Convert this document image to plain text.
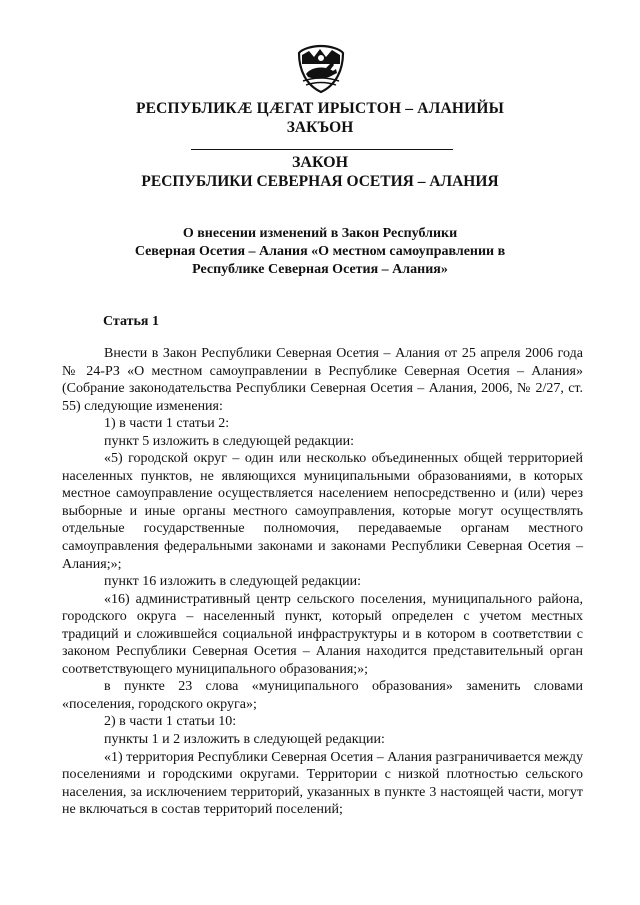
РЕСПУБЛИКӔ ЦӔГАТ ИРЫСТОН – АЛАНИЙЫ
ЗАКЪОН
ЗАКОН
РЕСПУБЛИКИ СЕВЕРНАЯ ОСЕТИЯ – АЛАНИЯ
О внесении изменений в Закон Республики
Северная Осетия – Алания «О местном самоуправлении в
Республике Северная Осетия – Алания»
Статья 1

Внести в Закон Республики Северная Осетия – Алания от 25 апреля 2006 года № 24-РЗ «О местном самоуправлении в Республике Северная Осетия – Алания» (Собрание законодательства Республики Северная Осетия – Алания, 2006, № 2/27, ст. 55) следующие изменения:

1) в части 1 статьи 2:

пункт 5 изложить в следующей редакции:

«5) городской округ – один или несколько объединенных общей территорией населенных пунктов, не являющихся муниципальными образованиями, в которых местное самоуправление осуществляется населением непосредственно и (или) через выборные и иные органы местного самоуправления, которые могут осуществлять отдельные государственные полномочия, передаваемые органам местного самоуправления федеральными законами и законами Республики Северная Осетия – Алания;»;

пункт 16 изложить в следующей редакции:

«16) административный центр сельского поселения, муниципального района, городского округа – населенный пункт, который определен с учетом местных традиций и сложившейся социальной инфраструктуры и в котором в соответствии с законом Республики Северная Осетия – Алания находится представительный орган соответствующего муниципального образования;»;

в пункте 23 слова «муниципального образования» заменить словами «поселения, городского округа»;

2) в части 1 статьи 10:

пункты 1 и 2 изложить в следующей редакции:

«1) территория Республики Северная Осетия – Алания разграничивается между поселениями и городскими округами. Территории с низкой плотностью сельского населения, за исключением территорий, указанных в пункте 3 настоящей части, могут не включаться в состав территорий поселений;
